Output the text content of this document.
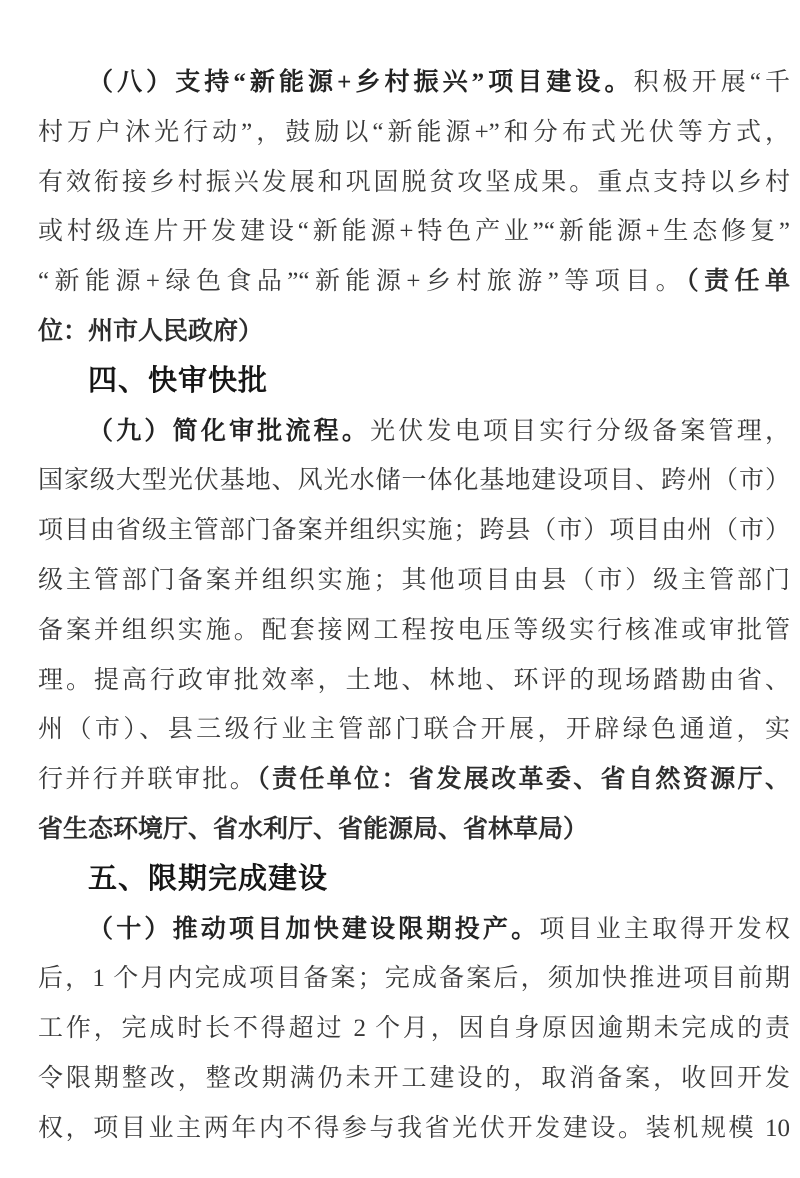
（八）支持“新能源+乡村振兴”项目建设。积极开展“千
村万户沐光行动”，鼓励以“新能源+”和分布式光伏等方式，
有效衔接乡村振兴发展和巩固脱贫攻坚成果。重点支持以乡村
或村级连片开发建设“新能源+特色产业”“新能源+生态修复”
“新能源+绿色食品”“新能源+乡村旅游”等项目。（责任单
位：州市人民政府）
四、快审快批
（九）简化审批流程。光伏发电项目实行分级备案管理，
国家级大型光伏基地、风光水储一体化基地建设项目、跨州（市）
项目由省级主管部门备案并组织实施；跨县（市）项目由州（市）
级主管部门备案并组织实施；其他项目由县（市）级主管部门
备案并组织实施。配套接网工程按电压等级实行核准或审批管
理。提高行政审批效率，土地、林地、环评的现场踏勘由省、
州（市）、县三级行业主管部门联合开展，开辟绿色通道，实
行并行并联审批。（责任单位：省发展改革委、省自然资源厅、
省生态环境厅、省水利厅、省能源局、省林草局）
五、限期完成建设
（十）推动项目加快建设限期投产。项目业主取得开发权
后，1 个月内完成项目备案；完成备案后，须加快推进项目前期
工作，完成时长不得超过 2 个月，因自身原因逾期未完成的责
令限期整改，整改期满仍未开工建设的，取消备案，收回开发
权，项目业主两年内不得参与我省光伏开发建设。装机规模 10
